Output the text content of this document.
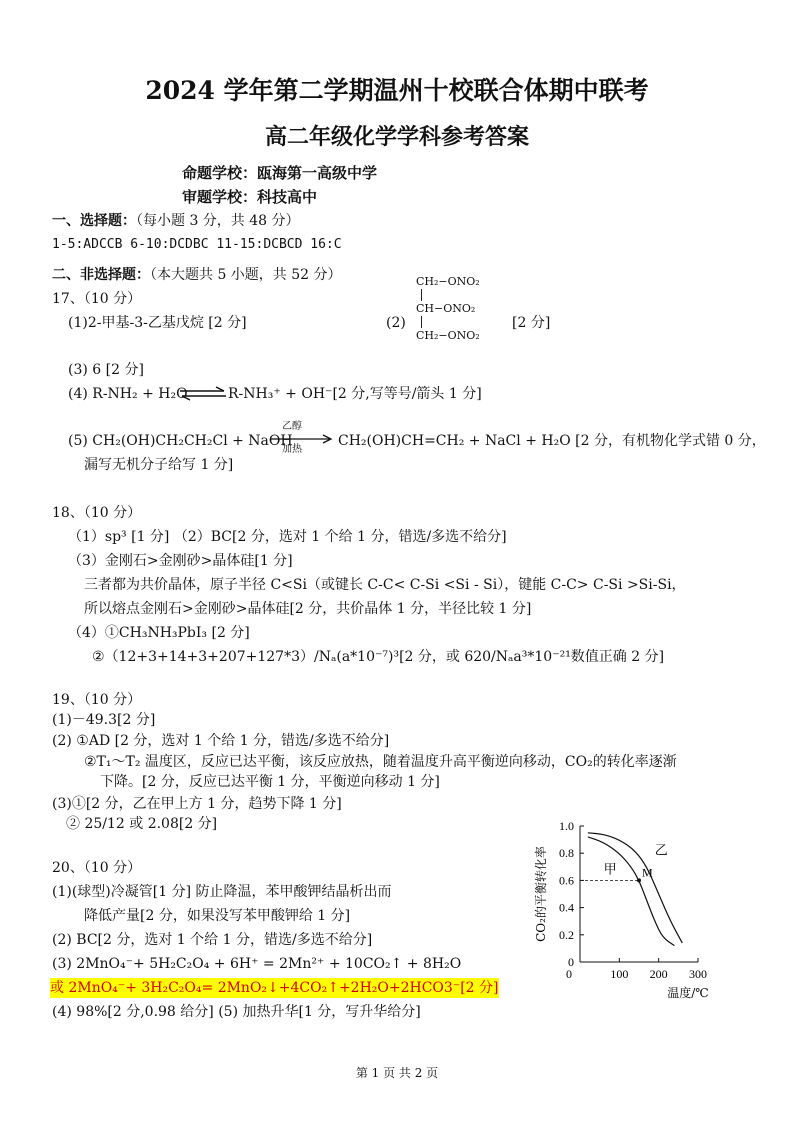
2024 学年第二学期温州十校联合体期中联考
高二年级化学学科参考答案
命题学校：瓯海第一高级中学
审题学校：科技高中
一、选择题：（每小题 3 分，共 48 分）
1-5:ADCCB 6-10:DCDBC 11-15:DCBCD 16:C
二、非选择题：（本大题共 5 小题，共 52 分）
17、（10 分）
(1)2-甲基-3-乙基戊烷 [2 分]	(2)
CH₂−ONO₂
CH−ONO₂
CH₂−ONO₂
[2 分]
(3) 6 [2 分]
(4) R-NH₂ + H₂O ⇌ R-NH₃⁺ + OH⁻[2 分,写等号/箭头 1 分]
(5) CH₂(OH)CH₂CH₂Cl + NaOH
乙醇
加热
CH₂(OH)CH=CH₂ + NaCl + H₂O [2 分，有机物化学式错 0 分，
漏写无机分子给写 1 分]
18、（10 分）
（1）sp³ [1 分] （2）BC[2 分，选对 1 个给 1 分，错选/多选不给分]
（3）金刚石>金刚砂>晶体硅[1 分]
三者都为共价晶体，原子半径 C<Si（或键长 C-C< C-Si <Si - Si），键能 C-C> C-Si >Si-Si，
所以熔点金刚石>金刚砂>晶体硅[2 分，共价晶体 1 分，半径比较 1 分]
（4）①CH₃NH₃PbI₃ [2 分]
②（12+3+14+3+207+127*3）/Nₐ(a*10⁻⁷)³[2 分，或 620/Nₐa³*10⁻²¹数值正确 2 分]
19、（10 分）
(1)－49.3[2 分]
(2) ①AD [2 分，选对 1 个给 1 分，错选/多选不给分]
②T₁～T₂ 温度区，反应已达平衡，该反应放热，随着温度升高平衡逆向移动，CO₂的转化率逐渐
下降。[2 分，反应已达平衡 1 分，平衡逆向移动 1 分]
(3)①[2 分，乙在甲上方 1 分，趋势下降 1 分]
② 25/12 或 2.08[2 分]
20、（10 分）
(1)(球型)冷凝管[1 分] 防止降温，苯甲酸钾结晶析出而
降低产量[2 分，如果没写苯甲酸钾给 1 分]
(2) BC[2 分，选对 1 个给 1 分，错选/多选不给分]
(3) 2MnO₄⁻+ 5H₂C₂O₄ + 6H⁺ = 2Mn²⁺ + 10CO₂↑ + 8H₂O
或 2MnO₄⁻+ 3H₂C₂O₄= 2MnO₂↓+4CO₂↑+2H₂O+2HCO3⁻[2 分]
(4) 98%[2 分,0.98 给分] (5) 加热升华[1 分，写升华给分]
0
0.2
0.4
0.6
0.8
1.0
100 200 300
温度/℃
CO₂的平衡转化率	乙
甲 M
0
第 1 页 共 2 页
